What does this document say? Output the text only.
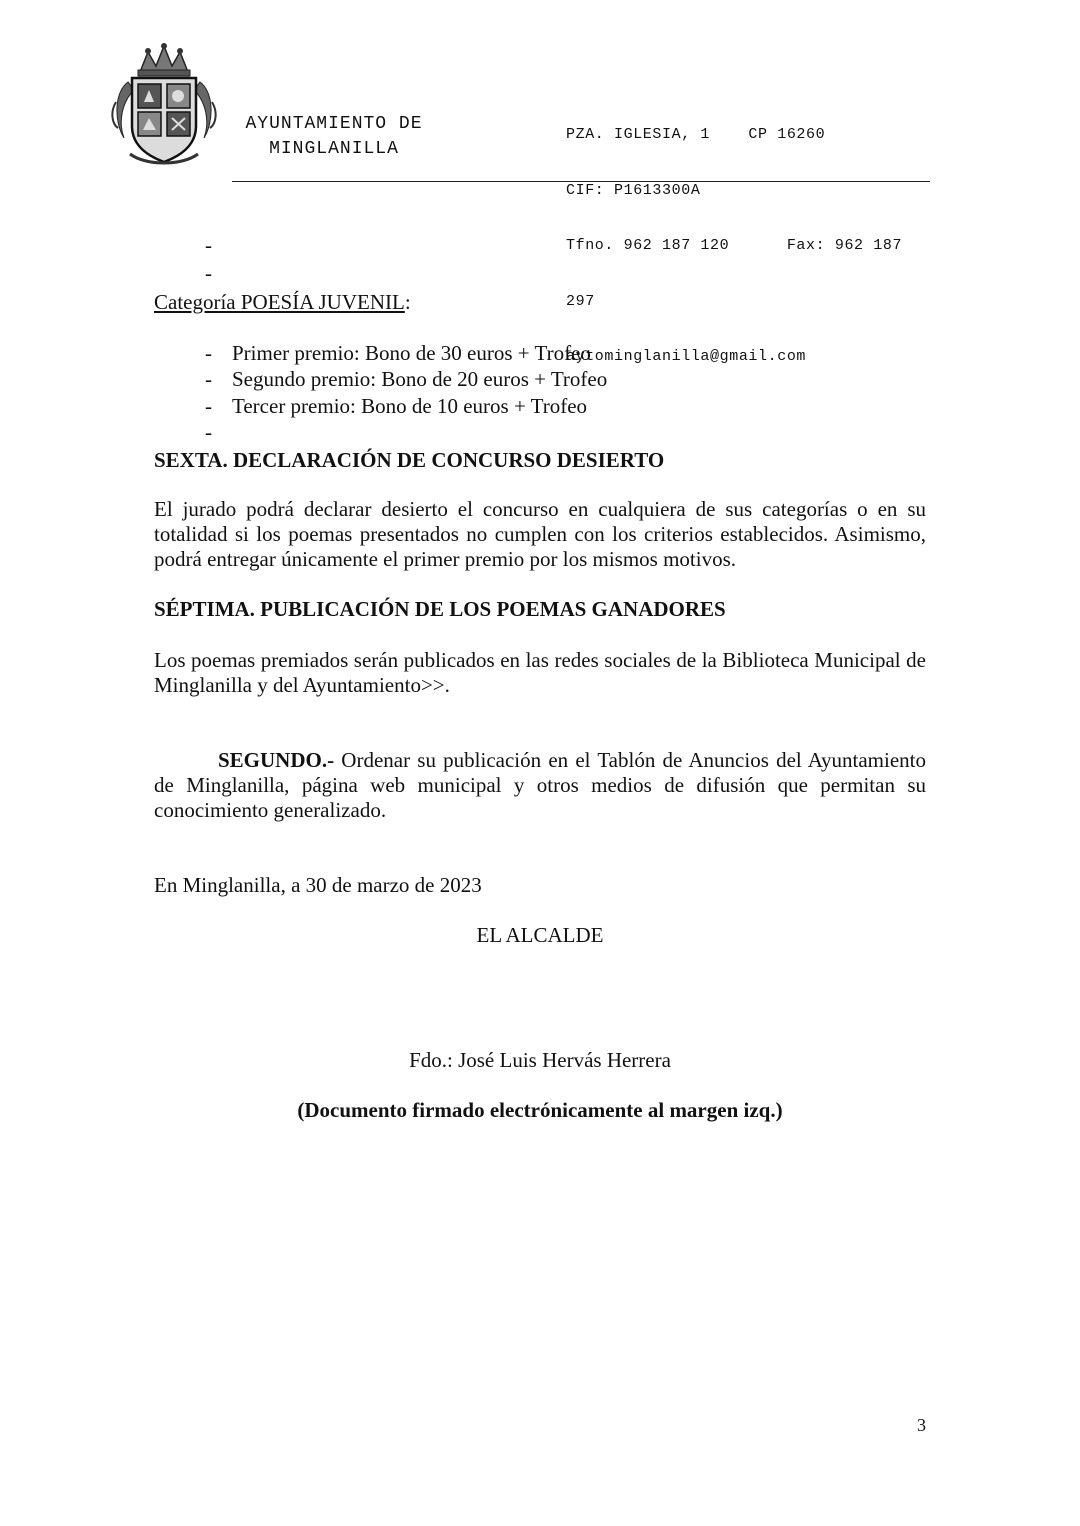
AYUNTAMIENTO DE
MINGLANILLA

PZA. IGLESIA, 1    CP 16260

CIF: P1613300A

Tfno. 962 187 120      Fax: 962 187

297

aytominglanilla@gmail.com

-
-
Categoría POESÍA JUVENIL:
- Primer premio: Bono de 30 euros + Trofeo
- Segundo premio: Bono de 20 euros + Trofeo
- Tercer premio: Bono de 10 euros + Trofeo
-
SEXTA. DECLARACIÓN DE CONCURSO DESIERTO
El jurado podrá declarar desierto el concurso en cualquiera de sus categorías o en su totalidad si los poemas presentados no cumplen con los criterios establecidos. Asimismo, podrá entregar únicamente el primer premio por los mismos motivos.
SÉPTIMA. PUBLICACIÓN DE LOS POEMAS GANADORES
Los poemas premiados serán publicados en las redes sociales de la Biblioteca Municipal de Minglanilla y del Ayuntamiento>>.
SEGUNDO.- Ordenar su publicación en el Tablón de Anuncios del Ayuntamiento de Minglanilla, página web municipal y otros medios de difusión que permitan su conocimiento generalizado.
En Minglanilla, a 30 de marzo de 2023
EL ALCALDE
Fdo.: José Luis Hervás Herrera
(Documento firmado electrónicamente al margen izq.)
3
